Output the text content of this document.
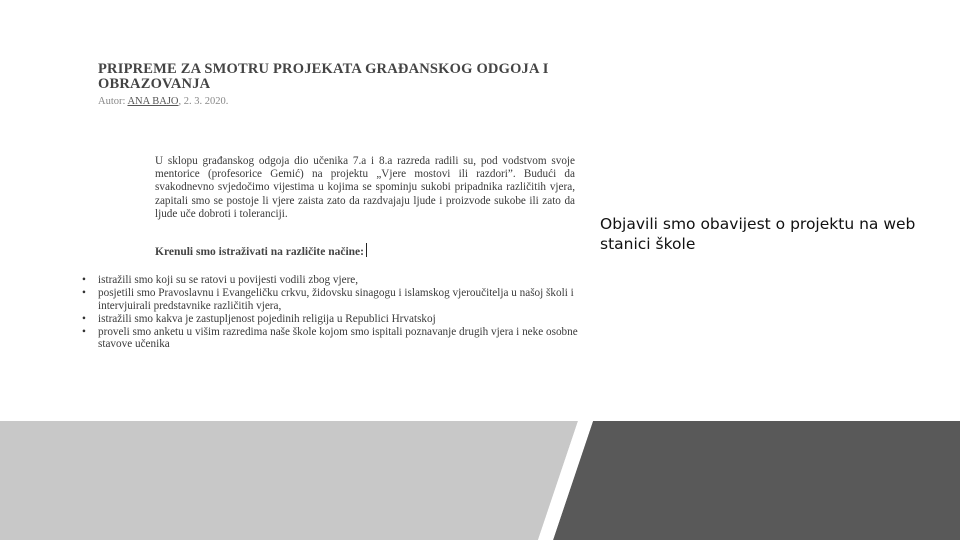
PRIPREME ZA SMOTRU PROJEKATA GRAĐANSKOG ODGOJA I OBRAZOVANJA
Autor: ANA BAJO, 2. 3. 2020.
U sklopu građanskog odgoja dio učenika 7.a i 8.a razreda radili su, pod vodstvom svoje mentorice (profesorice Gemić) na projektu „Vjere mostovi ili razdori”. Budući da svakodnevno svjedočimo vijestima u kojima se spominju sukobi pripadnika različitih vjera, zapitali smo se postoje li vjere zaista zato da razdvajaju ljude i proizvode sukobe ili zato da ljude uče dobroti i toleranciji.
Krenuli smo istraživati na različite načine:
• istražili smo koji su se ratovi u povijesti vodili zbog vjere,
• posjetili smo Pravoslavnu i Evangeličku crkvu, židovsku sinagogu i islamskog vjeroučitelja u našoj školi i intervjuirali predstavnike različitih vjera,
• istražili smo kakva je zastupljenost pojedinih religija u Republici Hrvatskoj
• proveli smo anketu u višim razredima naše škole kojom smo ispitali poznavanje drugih vjera i neke osobne stavove učenika
Objavili smo obavijest o projektu na web stanici škole
